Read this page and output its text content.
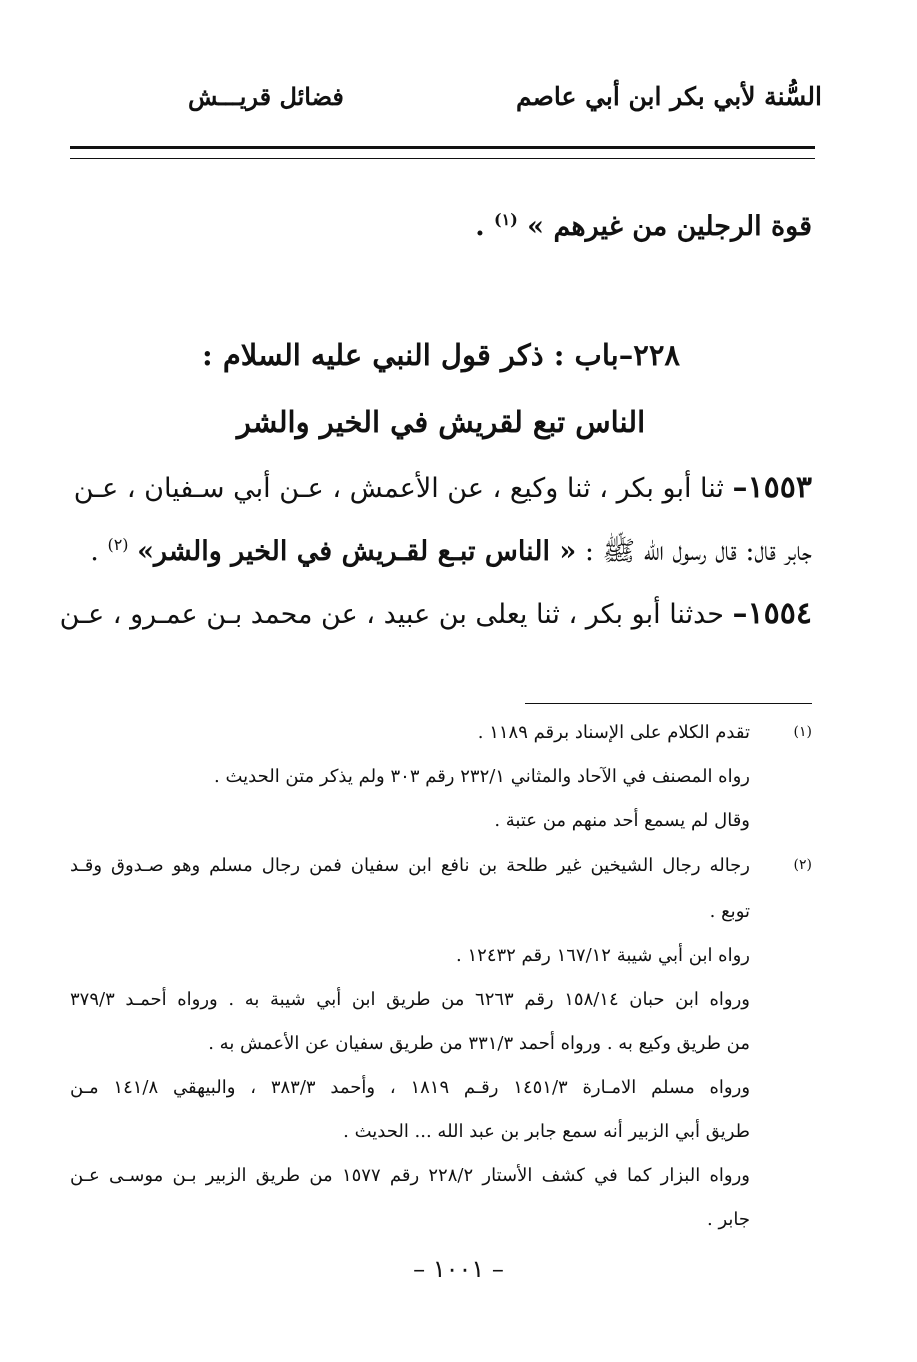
السُّنة لأبي بكر ابن أبي عاصم
فضائل قريـــش
قوة الرجلين من غيرهم » $^{(١)}$ .
٢٢٨–باب : ذكر قول النبي عليه السلام :
الناس تبع لقريش في الخير والشر
١٥٥٣– ثنا أبو بكر ، ثنا وكيع ، عن الأعمش ، عـن أبي سـفيان ، عـن
جابر قال: قال رسول الله ﷺ : « الناس تبـع لقـريش في الخير والشر» $^{(٢)}$ .
١٥٥٤– حدثنا أبو بكر ، ثنا يعلى بن عبيد ، عن محمد بـن عمـرو ، عـن
(١)
تقدم الكلام على الإسناد برقم ١١٨٩ .
رواه المصنف في الآحاد والمثاني ٢٣٢/١ رقم ٣٠٣ ولم يذكر متن الحديث .
وقال لم يسمع أحد منهم من عتبة .
(٢)
رجاله رجال الشيخين غير طلحة بن نافع ابن سفيان فمن رجال مسلم وهو صـدوق وقـد
توبع .
رواه ابن أبي شيبة ١٦٧/١٢ رقم ١٢٤٣٢ .
ورواه ابن حبان ١٥٨/١٤ رقم ٦٢٦٣ من طريق ابن أبي شيبة به . ورواه أحمـد ٣٧٩/٣
من طريق وكيع به . ورواه أحمد ٣٣١/٣ من طريق سفيان عن الأعمش به .
ورواه مسلم الامـارة ١٤٥١/٣ رقـم ١٨١٩ ، وأحمد ٣٨٣/٣ ، والبيهقي ١٤١/٨ مـن
طريق أبي الزبير أنه سمع جابر بن عبد الله ... الحديث .
ورواه البزار كما في كشف الأستار ٢٢٨/٢ رقم ١٥٧٧ من طريق الزبير بـن موسـى عـن
جابر .
– ١٠٠١ –
